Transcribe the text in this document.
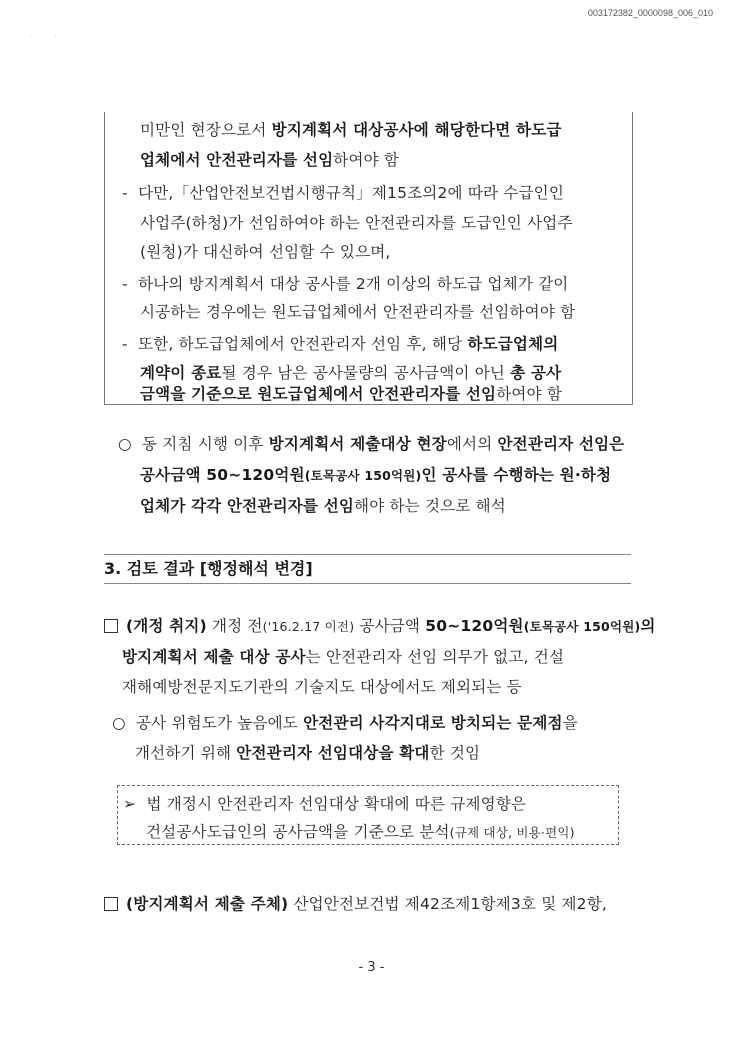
003172382_0000098_006_010
·            ·
미만인 현장으로서 방지계획서 대상공사에 해당한다면 하도급
업체에서 안전관리자를 선임하여야 함
- 다만,「산업안전보건법시행규칙」제15조의2에 따라 수급인인
사업주(하청)가 선임하여야 하는 안전관리자를 도급인인 사업주
(원청)가 대신하여 선임할 수 있으며,
- 하나의 방지계획서 대상 공사를 2개 이상의 하도급 업체가 같이
시공하는 경우에는 원도급업체에서 안전관리자를 선임하여야 함
- 또한, 하도급업체에서 안전관리자 선임 후, 해당 하도급업체의
계약이 종료될 경우 남은 공사물량의 공사금액이 아닌 총 공사
금액을 기준으로 원도급업체에서 안전관리자를 선임하여야 함
○ 동 지침 시행 이후 방지계획서 제출대상 현장에서의 안전관리자 선임은
공사금액 50~120억원(토목공사 150억원)인 공사를 수행하는 원·하청
업체가 각각 안전관리자를 선임해야 하는 것으로 해석
3. 검토 결과 [행정해석 변경]
(개정 취지) 개정 전('16.2.17 이전) 공사금액 50~120억원(토목공사 150억원)의
방지계획서 제출 대상 공사는 안전관리자 선임 의무가 없고, 건설
재해예방전문지도기관의 기술지도 대상에서도 제외되는 등
○ 공사 위험도가 높음에도 안전관리 사각지대로 방치되는 문제점을
개선하기 위해 안전관리자 선임대상을 확대한 것임
➢ 법 개정시 안전관리자 선임대상 확대에 따른 규제영향은
건설공사도급인의 공사금액을 기준으로 분석(규제 대상, 비용·편익)
(방지계획서 제출 주체) 산업안전보건법 제42조제1항제3호 및 제2항,
- 3 -
